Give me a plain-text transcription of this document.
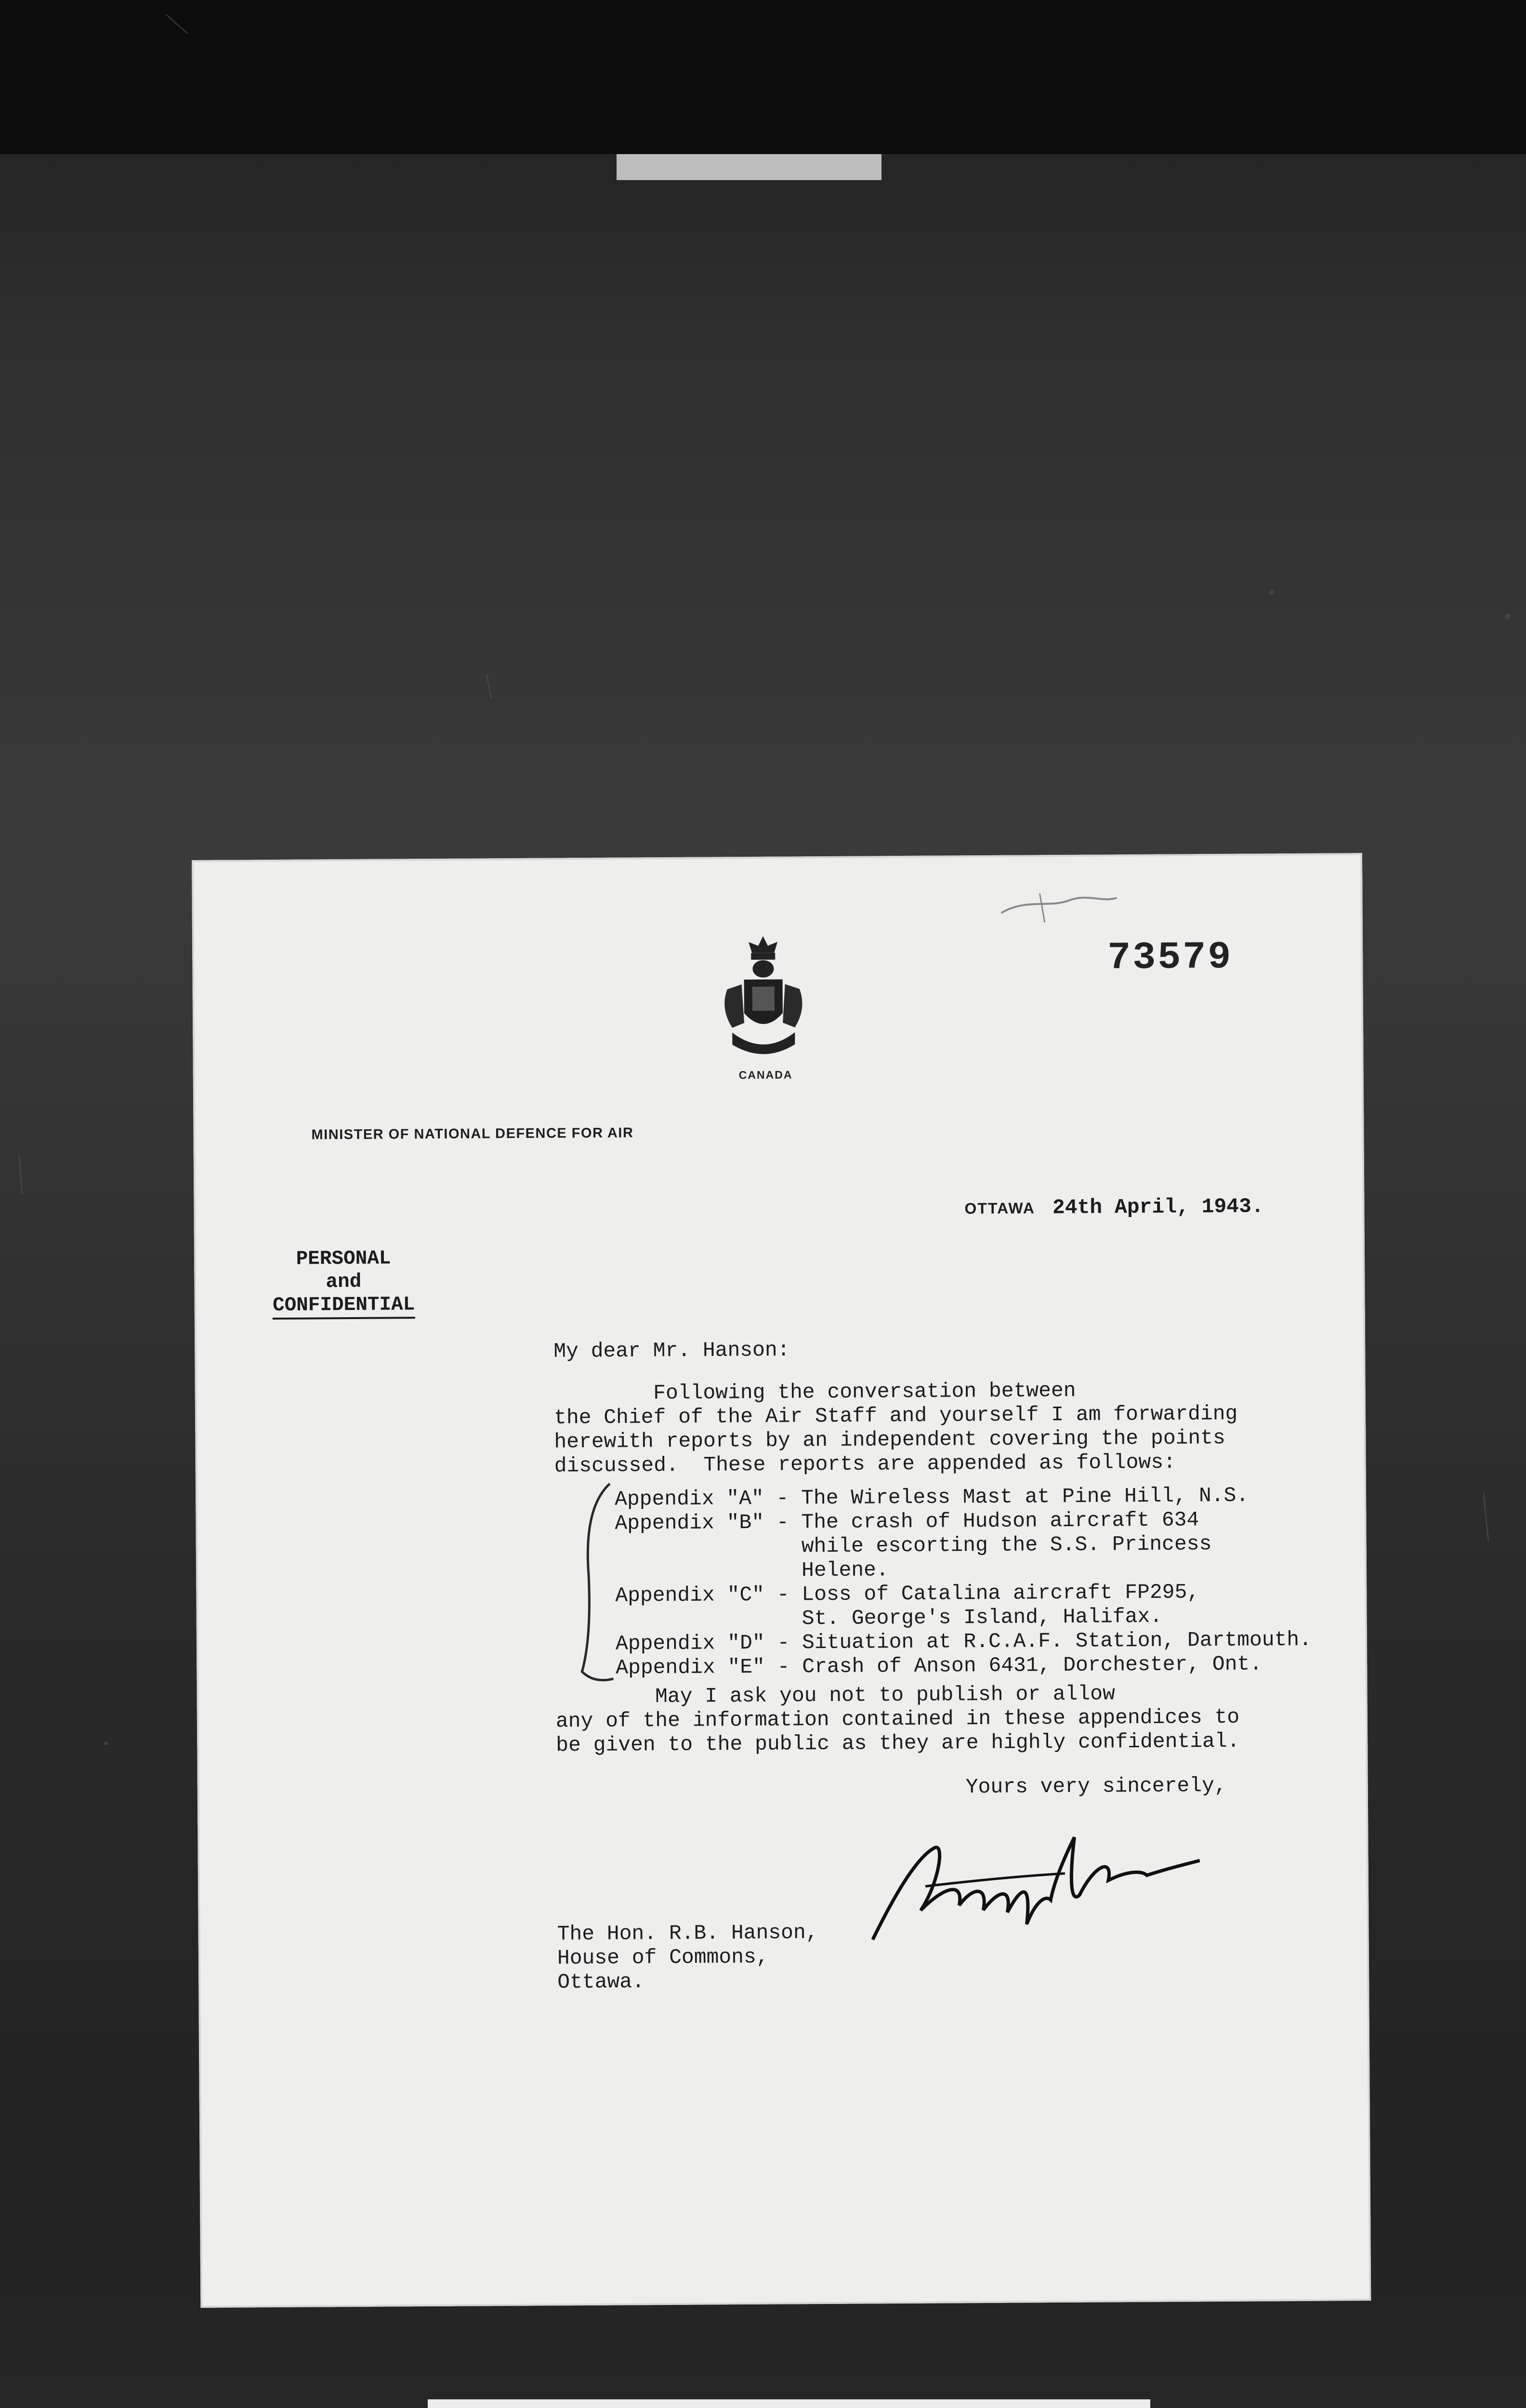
73579
CANADA
MINISTER OF NATIONAL DEFENCE FOR AIR
OTTAWA 24th April, 1943.
PERSONAL
and
CONFIDENTIAL
My dear Mr. Hanson:
Following the conversation between
the Chief of the Air Staff and yourself I am forwarding
herewith reports by an independent covering the points
discussed.  These reports are appended as follows:
Appendix "A" - The Wireless Mast at Pine Hill, N.S.
Appendix "B" - The crash of Hudson aircraft 634
while escorting the S.S. Princess
Helene.
Appendix "C" - Loss of Catalina aircraft FP295,
St. George's Island, Halifax.
Appendix "D" - Situation at R.C.A.F. Station, Dartmouth.
Appendix "E" - Crash of Anson 6431, Dorchester, Ont.
May I ask you not to publish or allow
any of the information contained in these appendices to
be given to the public as they are highly confidential.
Yours very sincerely,
The Hon. R.B. Hanson,
House of Commons,
Ottawa.
